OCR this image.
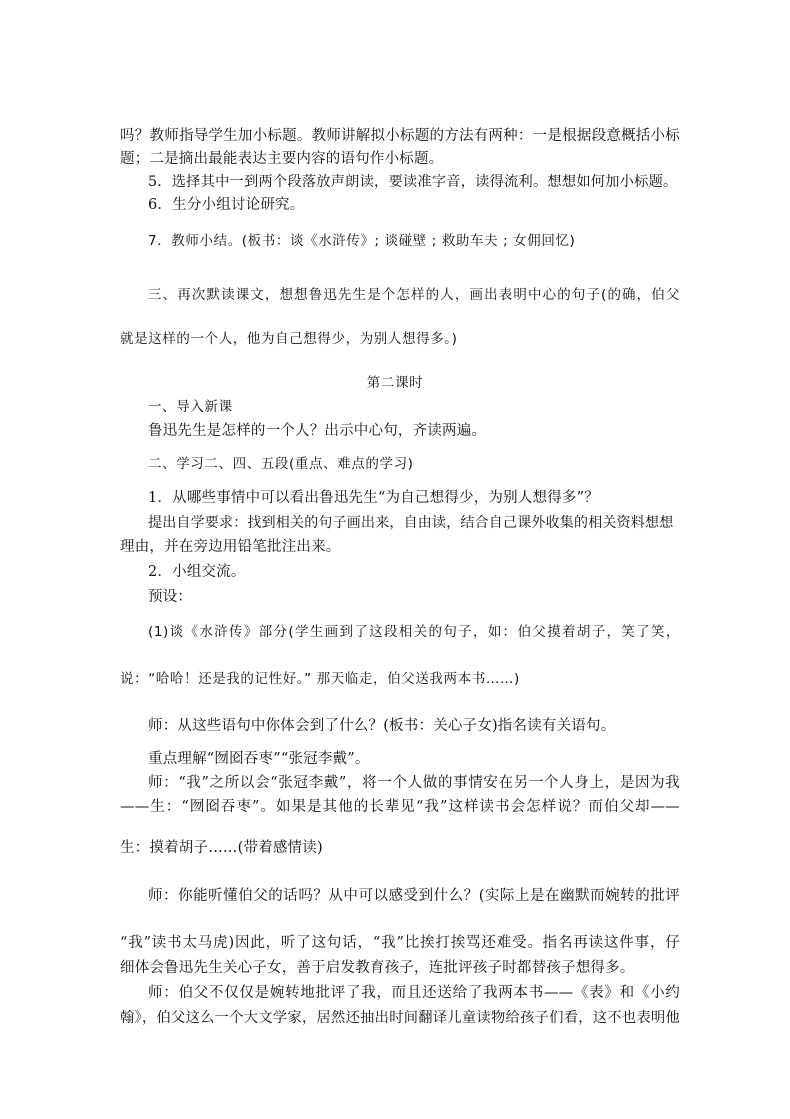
吗？教师指导学生加小标题。教师讲解拟小标题的方法有两种：一是根据段意概括小标
题；二是摘出最能表达主要内容的语句作小标题。
5．选择其中一到两个段落放声朗读，要读准字音，读得流利。想想如何加小标题。
6．生分小组讨论研究。
7．教师小结。(板书：谈《水浒传》; 谈碰壁 ; 救助车夫 ; 女佣回忆)
三、再次默读课文，想想鲁迅先生是个怎样的人，画出表明中心的句子(的确，伯父
就是这样的一个人，他为自己想得少，为别人想得多。)
第二课时
一、导入新课
鲁迅先生是怎样的一个人？出示中心句，齐读两遍。
二、学习二、四、五段(重点、难点的学习)
1．从哪些事情中可以看出鲁迅先生“为自己想得少，为别人想得多”？
提出自学要求：找到相关的句子画出来，自由读，结合自己课外收集的相关资料想想
理由，并在旁边用铅笔批注出来。
2．小组交流。
预设：
(1)谈《水浒传》部分(学生画到了这段相关的句子，如：伯父摸着胡子，笑了笑，
说：“哈哈！还是我的记性好。” 那天临走，伯父送我两本书……)
师：从这些语句中你体会到了什么？(板书：关心子女)指名读有关语句。
重点理解“囫囵吞枣”“张冠李戴”。
师：“我”之所以会“张冠李戴”，将一个人做的事情安在另一个人身上，是因为我
——生：“囫囵吞枣”。如果是其他的长辈见“我”这样读书会怎样说？而伯父却——
生：摸着胡子……(带着感情读)
师：你能听懂伯父的话吗？从中可以感受到什么？(实际上是在幽默而婉转的批评
“我”读书太马虎)因此，听了这句话，“我”比挨打挨骂还难受。指名再读这件事，仔
细体会鲁迅先生关心子女，善于启发教育孩子，连批评孩子时都替孩子想得多。
师：伯父不仅仅是婉转地批评了我，而且还送给了我两本书——《表》和《小约
翰》，伯父这么一个大文学家，居然还抽出时间翻译儿童读物给孩子们看，这不也表明他
